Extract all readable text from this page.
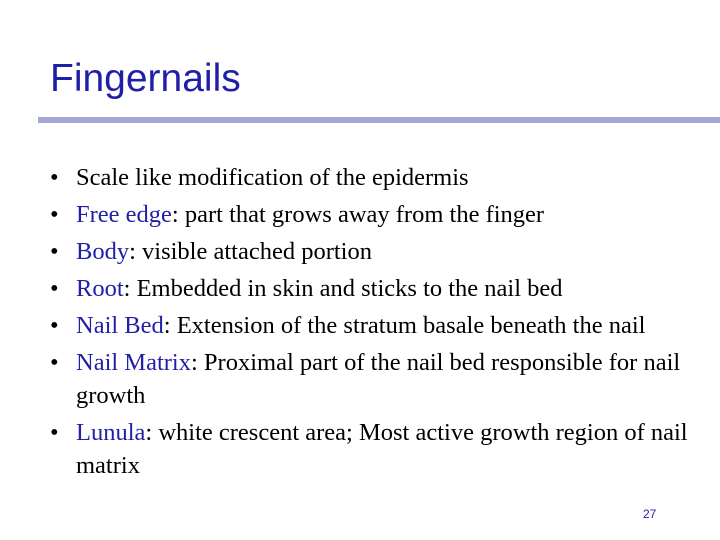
Fingernails
• Scale like modification of the epidermis
• Free edge: part that grows away from the finger
• Body: visible attached portion
• Root: Embedded in skin and sticks to the nail bed
• Nail Bed: Extension of the stratum basale beneath the nail
• Nail Matrix: Proximal part of the nail bed responsible for nail growth
• Lunula: white crescent area; Most active growth region of nail matrix
27
